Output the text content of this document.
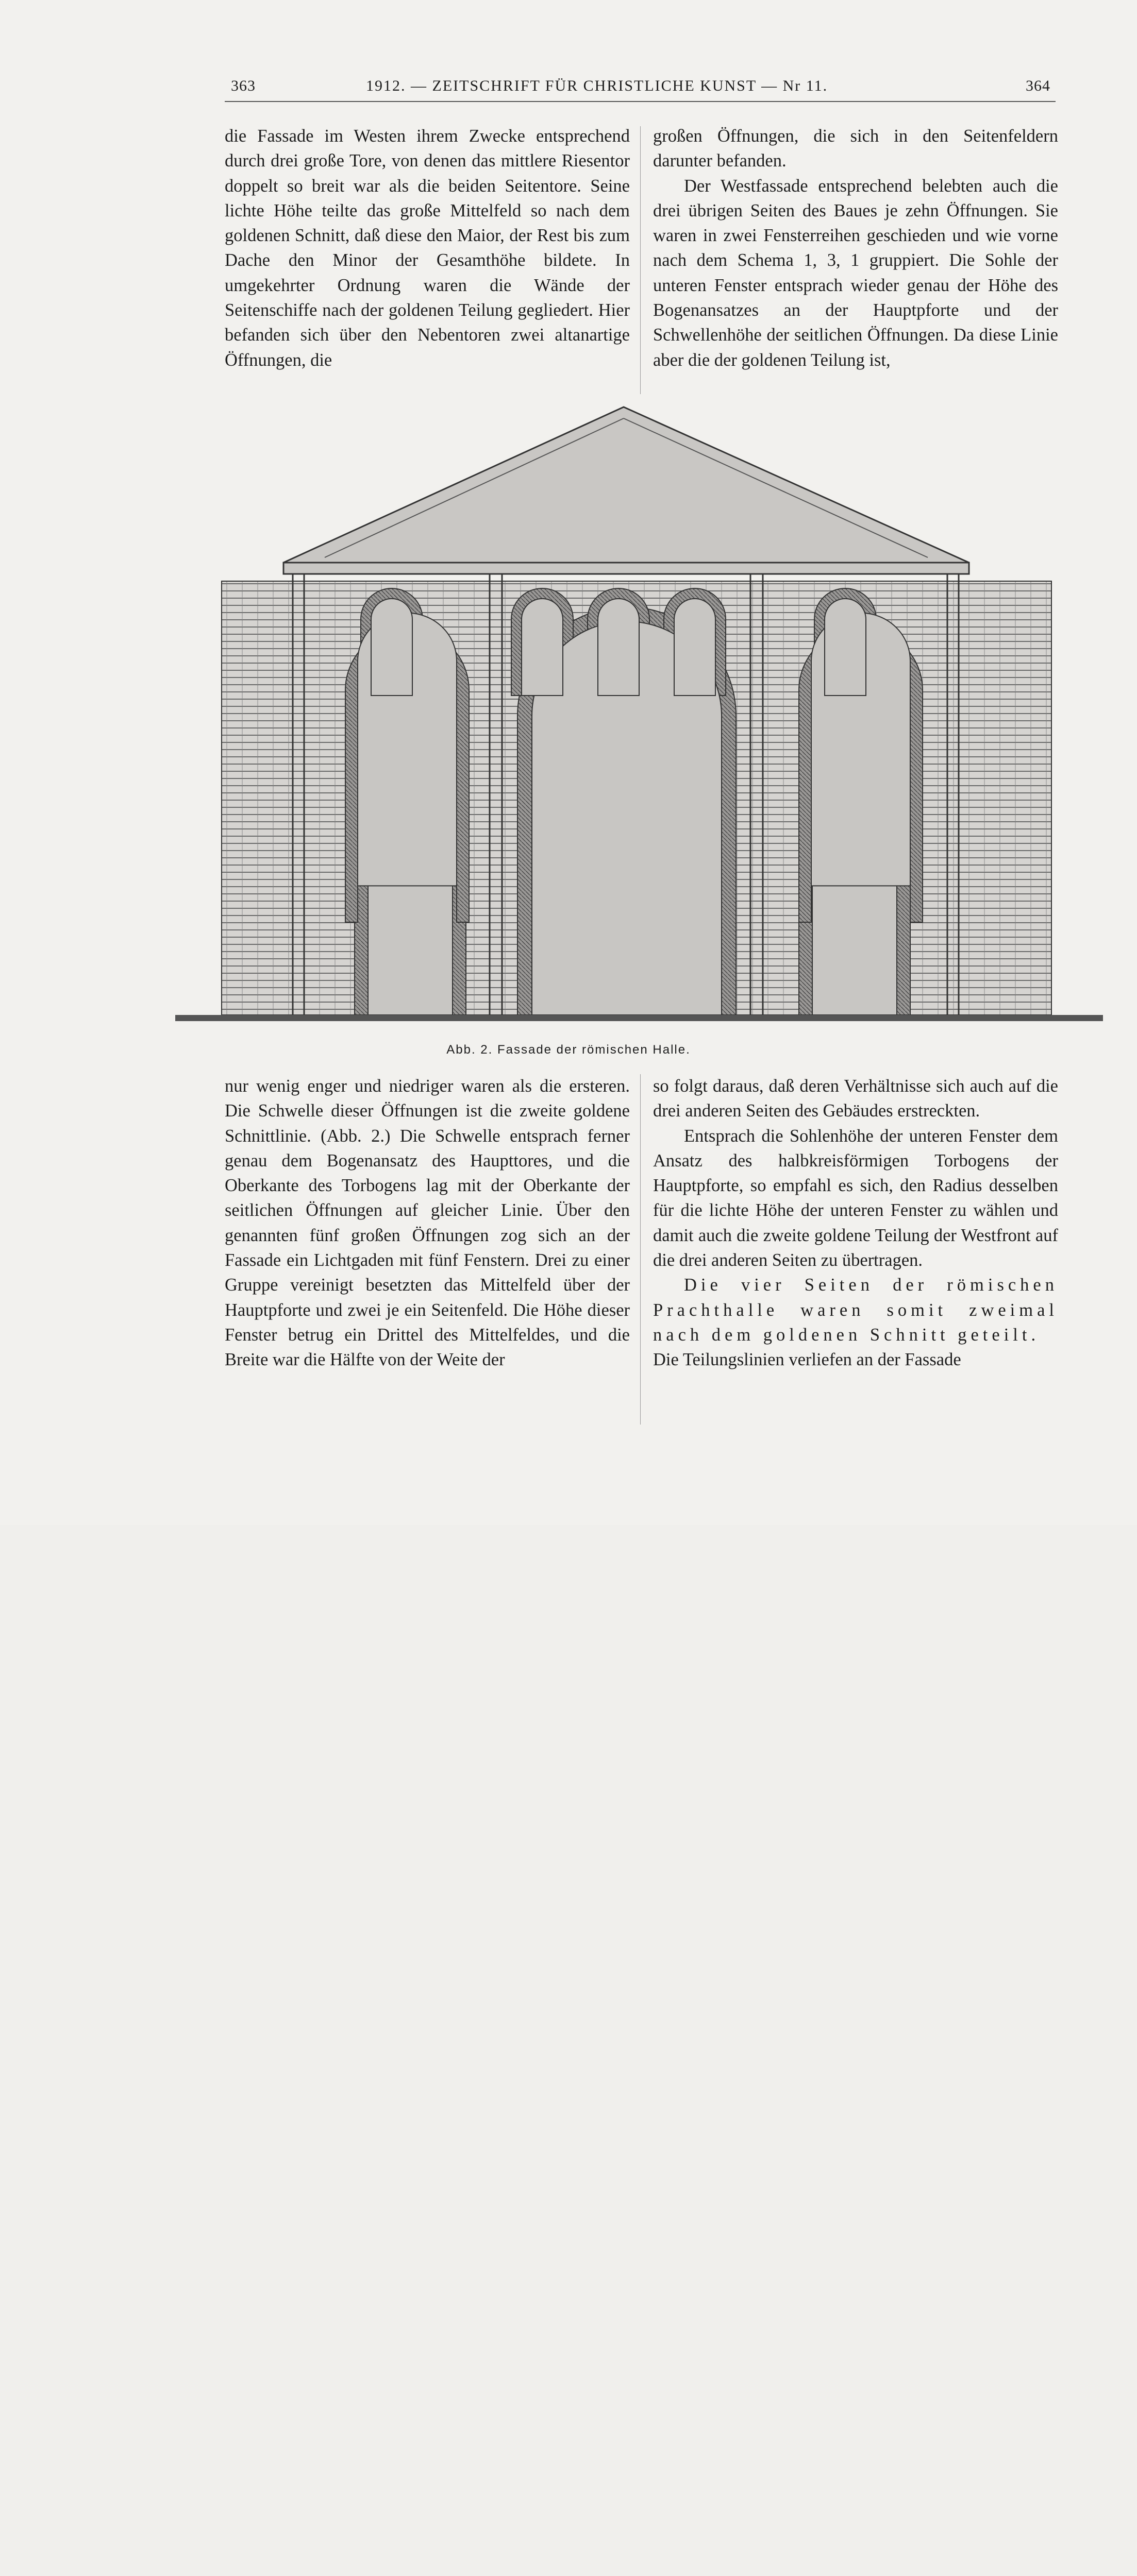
363	1912. — ZEITSCHRIFT FÜR CHRISTLICHE KUNST — Nr 11.	364

die Fassade im Westen ihrem Zwecke entsprechend durch drei große Tore, von denen das mittlere Riesentor doppelt so breit war als die beiden Seitentore. Seine lichte Höhe teilte das große Mittelfeld so nach dem goldenen Schnitt, daß diese den Maior, der Rest bis zum Dache den Minor der Gesamthöhe bildete. In umgekehrter Ordnung waren die Wände der Seitenschiffe nach der goldenen Teilung gegliedert. Hier befanden sich über den Nebentoren zwei altanartige Öffnungen, die

großen Öffnungen, die sich in den Seitenfeldern darunter befanden.

Der Westfassade entsprechend belebten auch die drei übrigen Seiten des Baues je zehn Öffnungen. Sie waren in zwei Fensterreihen geschieden und wie vorne nach dem Schema 1, 3, 1 gruppiert. Die Sohle der unteren Fenster entsprach wieder genau der Höhe des Bogenansatzes an der Hauptpforte und der Schwellenhöhe der seitlichen Öffnungen. Da diese Linie aber die der goldenen Teilung ist,

Abb. 2. Fassade der römischen Halle.

nur wenig enger und niedriger waren als die ersteren. Die Schwelle dieser Öffnungen ist die zweite goldene Schnittlinie. (Abb. 2.) Die Schwelle entsprach ferner genau dem Bogenansatz des Haupttores, und die Oberkante des Torbogens lag mit der Oberkante der seitlichen Öffnungen auf gleicher Linie. Über den genannten fünf großen Öffnungen zog sich an der Fassade ein Lichtgaden mit fünf Fenstern. Drei zu einer Gruppe vereinigt besetzten das Mittelfeld über der Hauptpforte und zwei je ein Seitenfeld. Die Höhe dieser Fenster betrug ein Drittel des Mittelfeldes, und die Breite war die Hälfte von der Weite der

so folgt daraus, daß deren Verhältnisse sich auch auf die drei anderen Seiten des Gebäudes erstreckten.

Entsprach die Sohlenhöhe der unteren Fenster dem Ansatz des halbkreisförmigen Torbogens der Hauptpforte, so empfahl es sich, den Radius desselben für die lichte Höhe der unteren Fenster zu wählen und damit auch die zweite goldene Teilung der Westfront auf die drei anderen Seiten zu übertragen.

Die vier Seiten der römischen Prachthalle waren somit zweimal nach dem goldenen Schnitt geteilt.

Die Teilungslinien verliefen an der Fassade
